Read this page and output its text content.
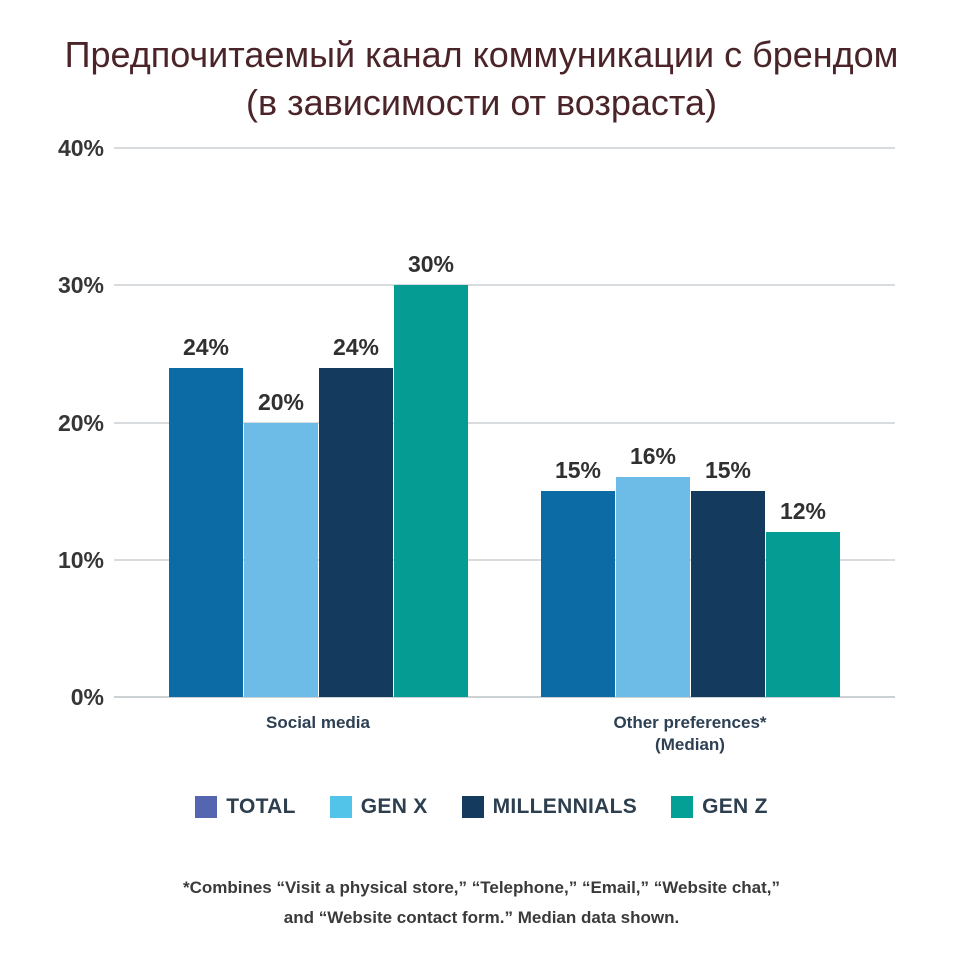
Предпочитаемый канал коммуникации с брендом
(в зависимости от возраста)
40%
30%
20%
10%
0%
24%
20%
24%
30%
15%
16%
15%
12%
Social media	Other preferences*
(Median)
TOTAL	GEN X	MILLENNIALS	GEN Z
*Combines “Visit a physical store,” “Telephone,” “Email,” “Website chat,”
and “Website contact form.” Median data shown.
